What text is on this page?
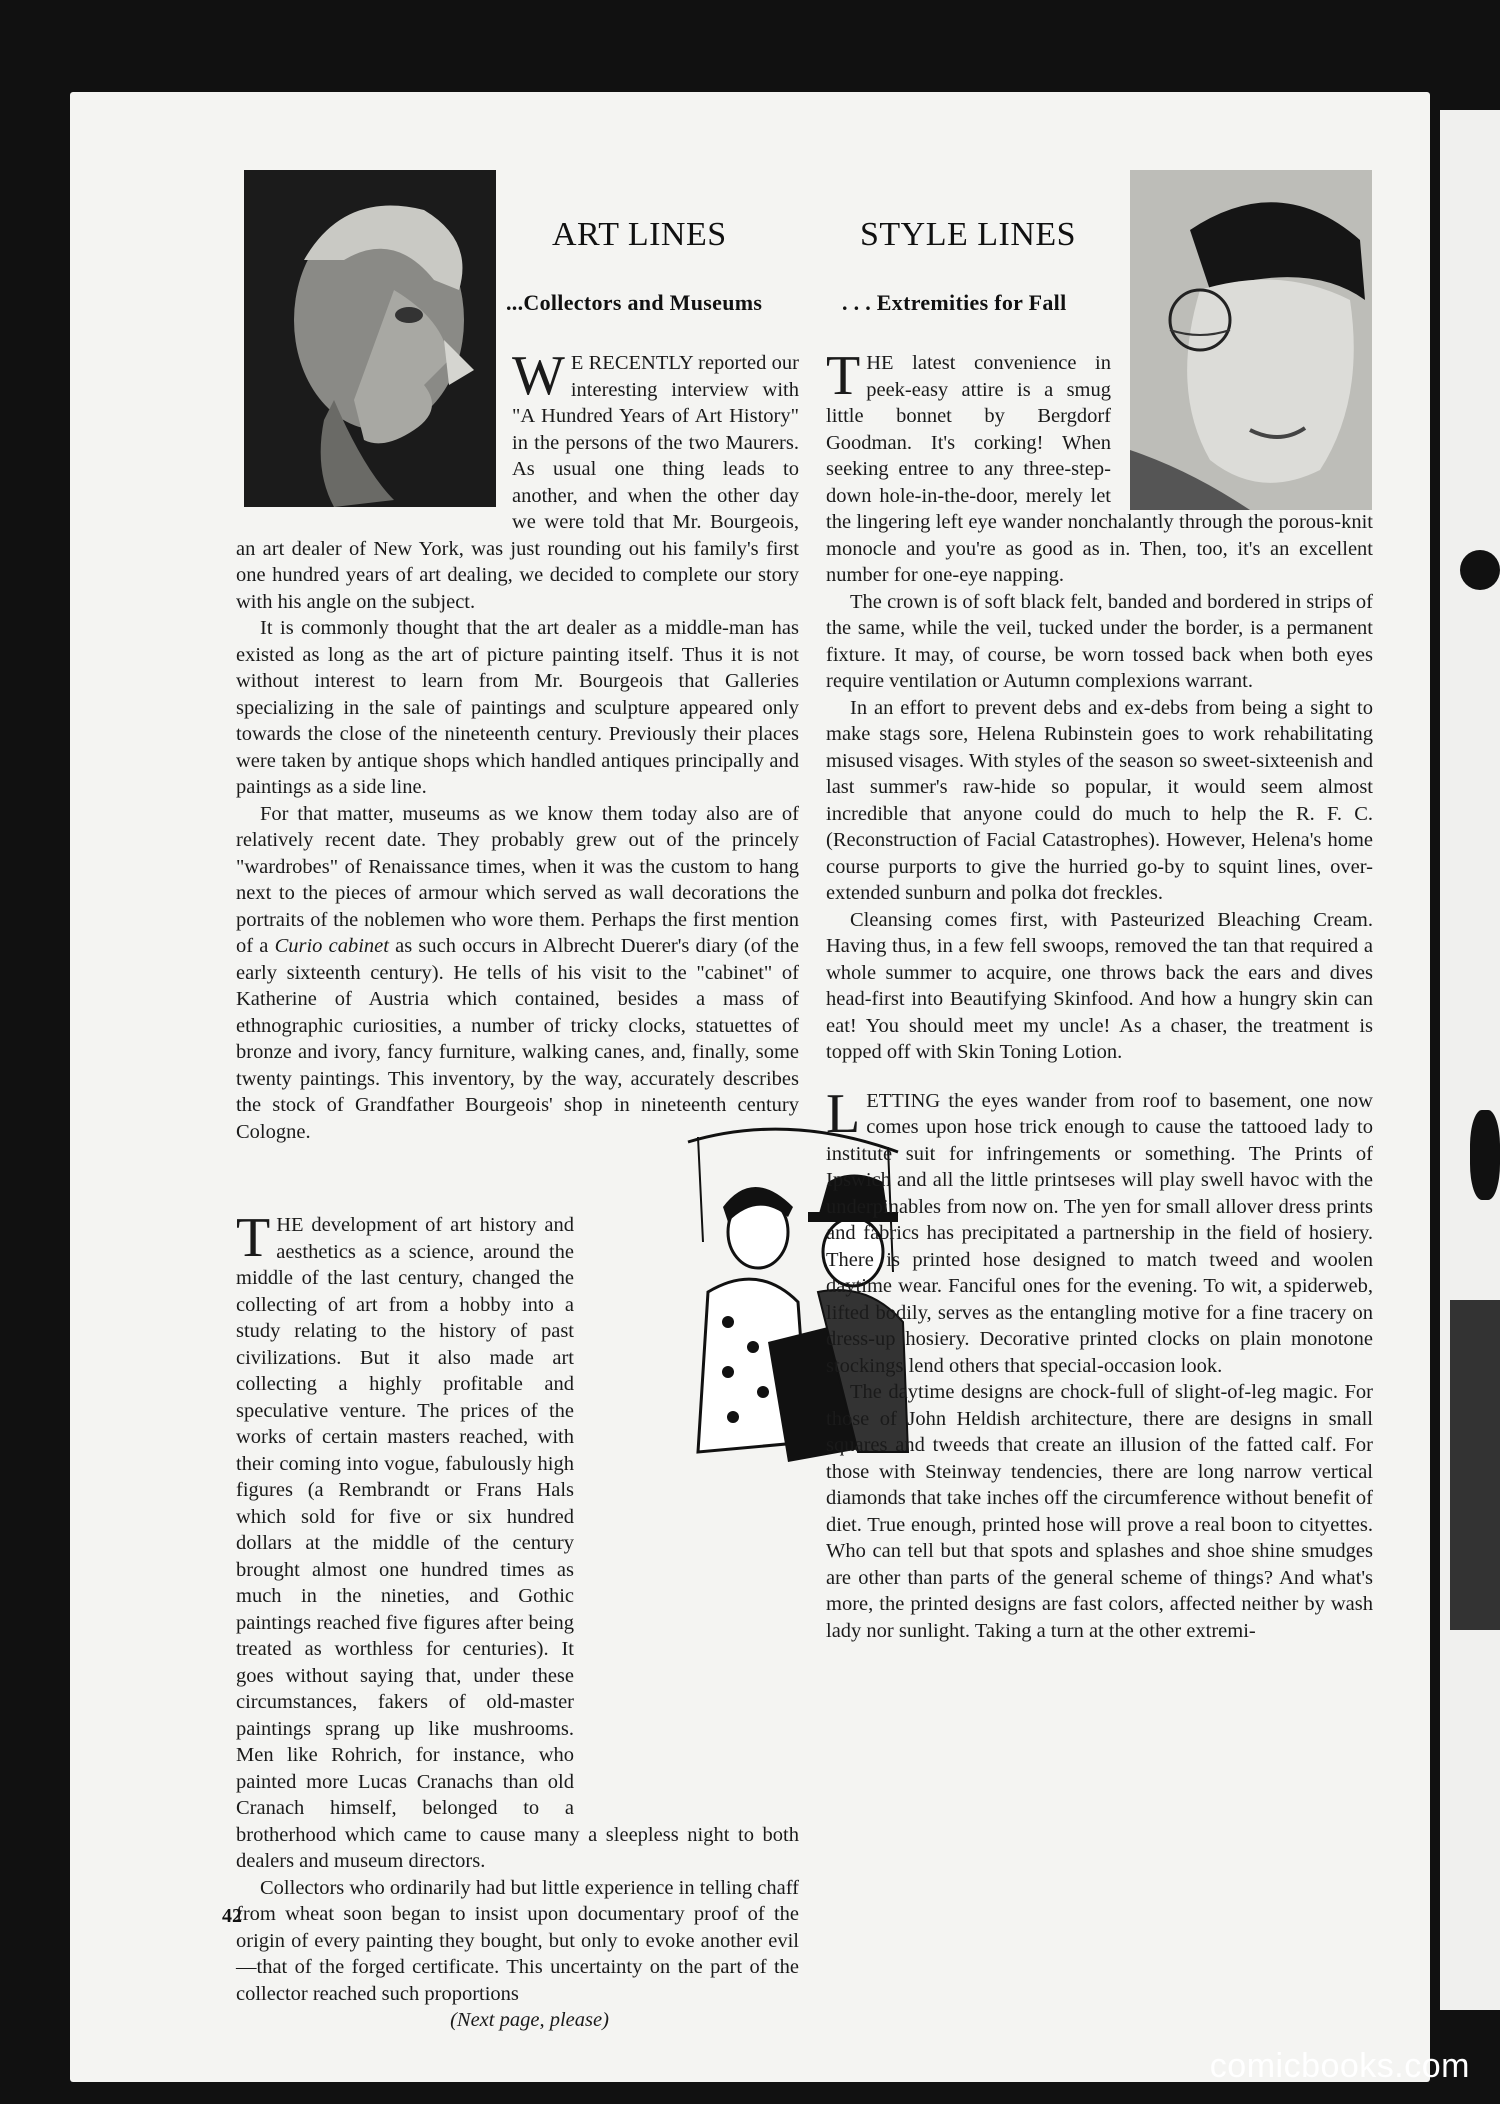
ART LINES
...Collectors and Museums
STYLE LINES
. . . Extremities for Fall

W E RECENTLY reported our interesting interview with "A Hundred Years of Art History" in the persons of the two Maurers. As usual one thing leads to another, and when the other day we were told that Mr. Bourgeois, an art dealer of New York, was just rounding out his family's first one hundred years of art dealing, we decided to complete our story with his angle on the subject.

It is commonly thought that the art dealer as a middle-man has existed as long as the art of picture painting itself. Thus it is not without interest to learn from Mr. Bourgeois that Galleries specializing in the sale of paintings and sculpture appeared only towards the close of the nineteenth century. Previously their places were taken by antique shops which handled antiques principally and paintings as a side line.

For that matter, museums as we know them today also are of relatively recent date. They probably grew out of the princely "wardrobes" of Renaissance times, when it was the custom to hang next to the pieces of armour which served as wall decorations the portraits of the noblemen who wore them. Perhaps the first mention of a Curio cabinet as such occurs in Albrecht Duerer's diary (of the early sixteenth century). He tells of his visit to the "cabinet" of Katherine of Austria which contained, besides a mass of ethnographic curiosities, a number of tricky clocks, statuettes of bronze and ivory, fancy furniture, walking canes, and, finally, some twenty paintings. This inventory, by the way, accurately describes the stock of Grandfather Bourgeois' shop in nineteenth century Cologne.

THE development of art history and aesthetics as a science, around the middle of the last century, changed the collecting of art from a hobby into a study relating to the history of past civilizations. But it also made art collecting a highly profitable and speculative venture. The prices of the works of certain masters reached, with their coming into vogue, fabulously high figures (a Rembrandt or Frans Hals which sold for five or six hundred dollars at the middle of the century brought almost one hundred times as much in the nineties, and Gothic paintings reached five figures after being treated as worthless for centuries). It goes without saying that, under these circumstances, fakers of old-master paintings sprang up like mushrooms. Men like Rohrich, for instance, who painted more Lucas Cranachs than old Cranach himself, belonged to a brotherhood which came to cause many a sleepless night to both dealers and museum directors.

Collectors who ordinarily had but little experience in telling chaff from wheat soon began to insist upon documentary proof of the origin of every painting they bought, but only to evoke another evil—that of the forged certificate. This uncertainty on the part of the collector reached such proportions

(Next page, please)

THE latest convenience in peek-easy attire is a smug little bonnet by Bergdorf Goodman. It's corking! When seeking entree to any three-step-down hole-in-the-door, merely let the lingering left eye wander nonchalantly through the porous-knit monocle and you're as good as in. Then, too, it's an excellent number for one-eye napping.

The crown is of soft black felt, banded and bordered in strips of the same, while the veil, tucked under the border, is a permanent fixture. It may, of course, be worn tossed back when both eyes require ventilation or Autumn complexions warrant.

In an effort to prevent debs and ex-debs from being a sight to make stags sore, Helena Rubinstein goes to work rehabilitating misused visages. With styles of the season so sweet-sixteenish and last summer's raw-hide so popular, it would seem almost incredible that anyone could do much to help the R. F. C. (Reconstruction of Facial Catastrophes). However, Helena's home course purports to give the hurried go-by to squint lines, over-extended sunburn and polka dot freckles.

Cleansing comes first, with Pasteurized Bleaching Cream. Having thus, in a few fell swoops, removed the tan that required a whole summer to acquire, one throws back the ears and dives head-first into Beautifying Skinfood. And how a hungry skin can eat! You should meet my uncle! As a chaser, the treatment is topped off with Skin Toning Lotion.

LETTING the eyes wander from roof to basement, one now comes upon hose trick enough to cause the tattooed lady to institute suit for infringements or something. The Prints of Ipswich and all the little printseses will play swell havoc with the underpinables from now on. The yen for small allover dress prints and fabrics has precipitated a partnership in the field of hosiery. There is printed hose designed to match tweed and woolen daytime wear. Fanciful ones for the evening. To wit, a spiderweb, lifted bodily, serves as the entangling motive for a fine tracery on dress-up hosiery. Decorative printed clocks on plain monotone stockings lend others that special-occasion look.

The daytime designs are chock-full of slight-of-leg magic. For those of John Heldish architecture, there are designs in small squares and tweeds that create an illusion of the fatted calf. For those with Steinway tendencies, there are long narrow vertical diamonds that take inches off the circumference without benefit of diet. True enough, printed hose will prove a real boon to cityettes. Who can tell but that spots and splashes and shoe shine smudges are other than parts of the general scheme of things? And what's more, the printed designs are fast colors, affected neither by wash lady nor sunlight. Taking a turn at the other extremi-

42
comicbooks.com
